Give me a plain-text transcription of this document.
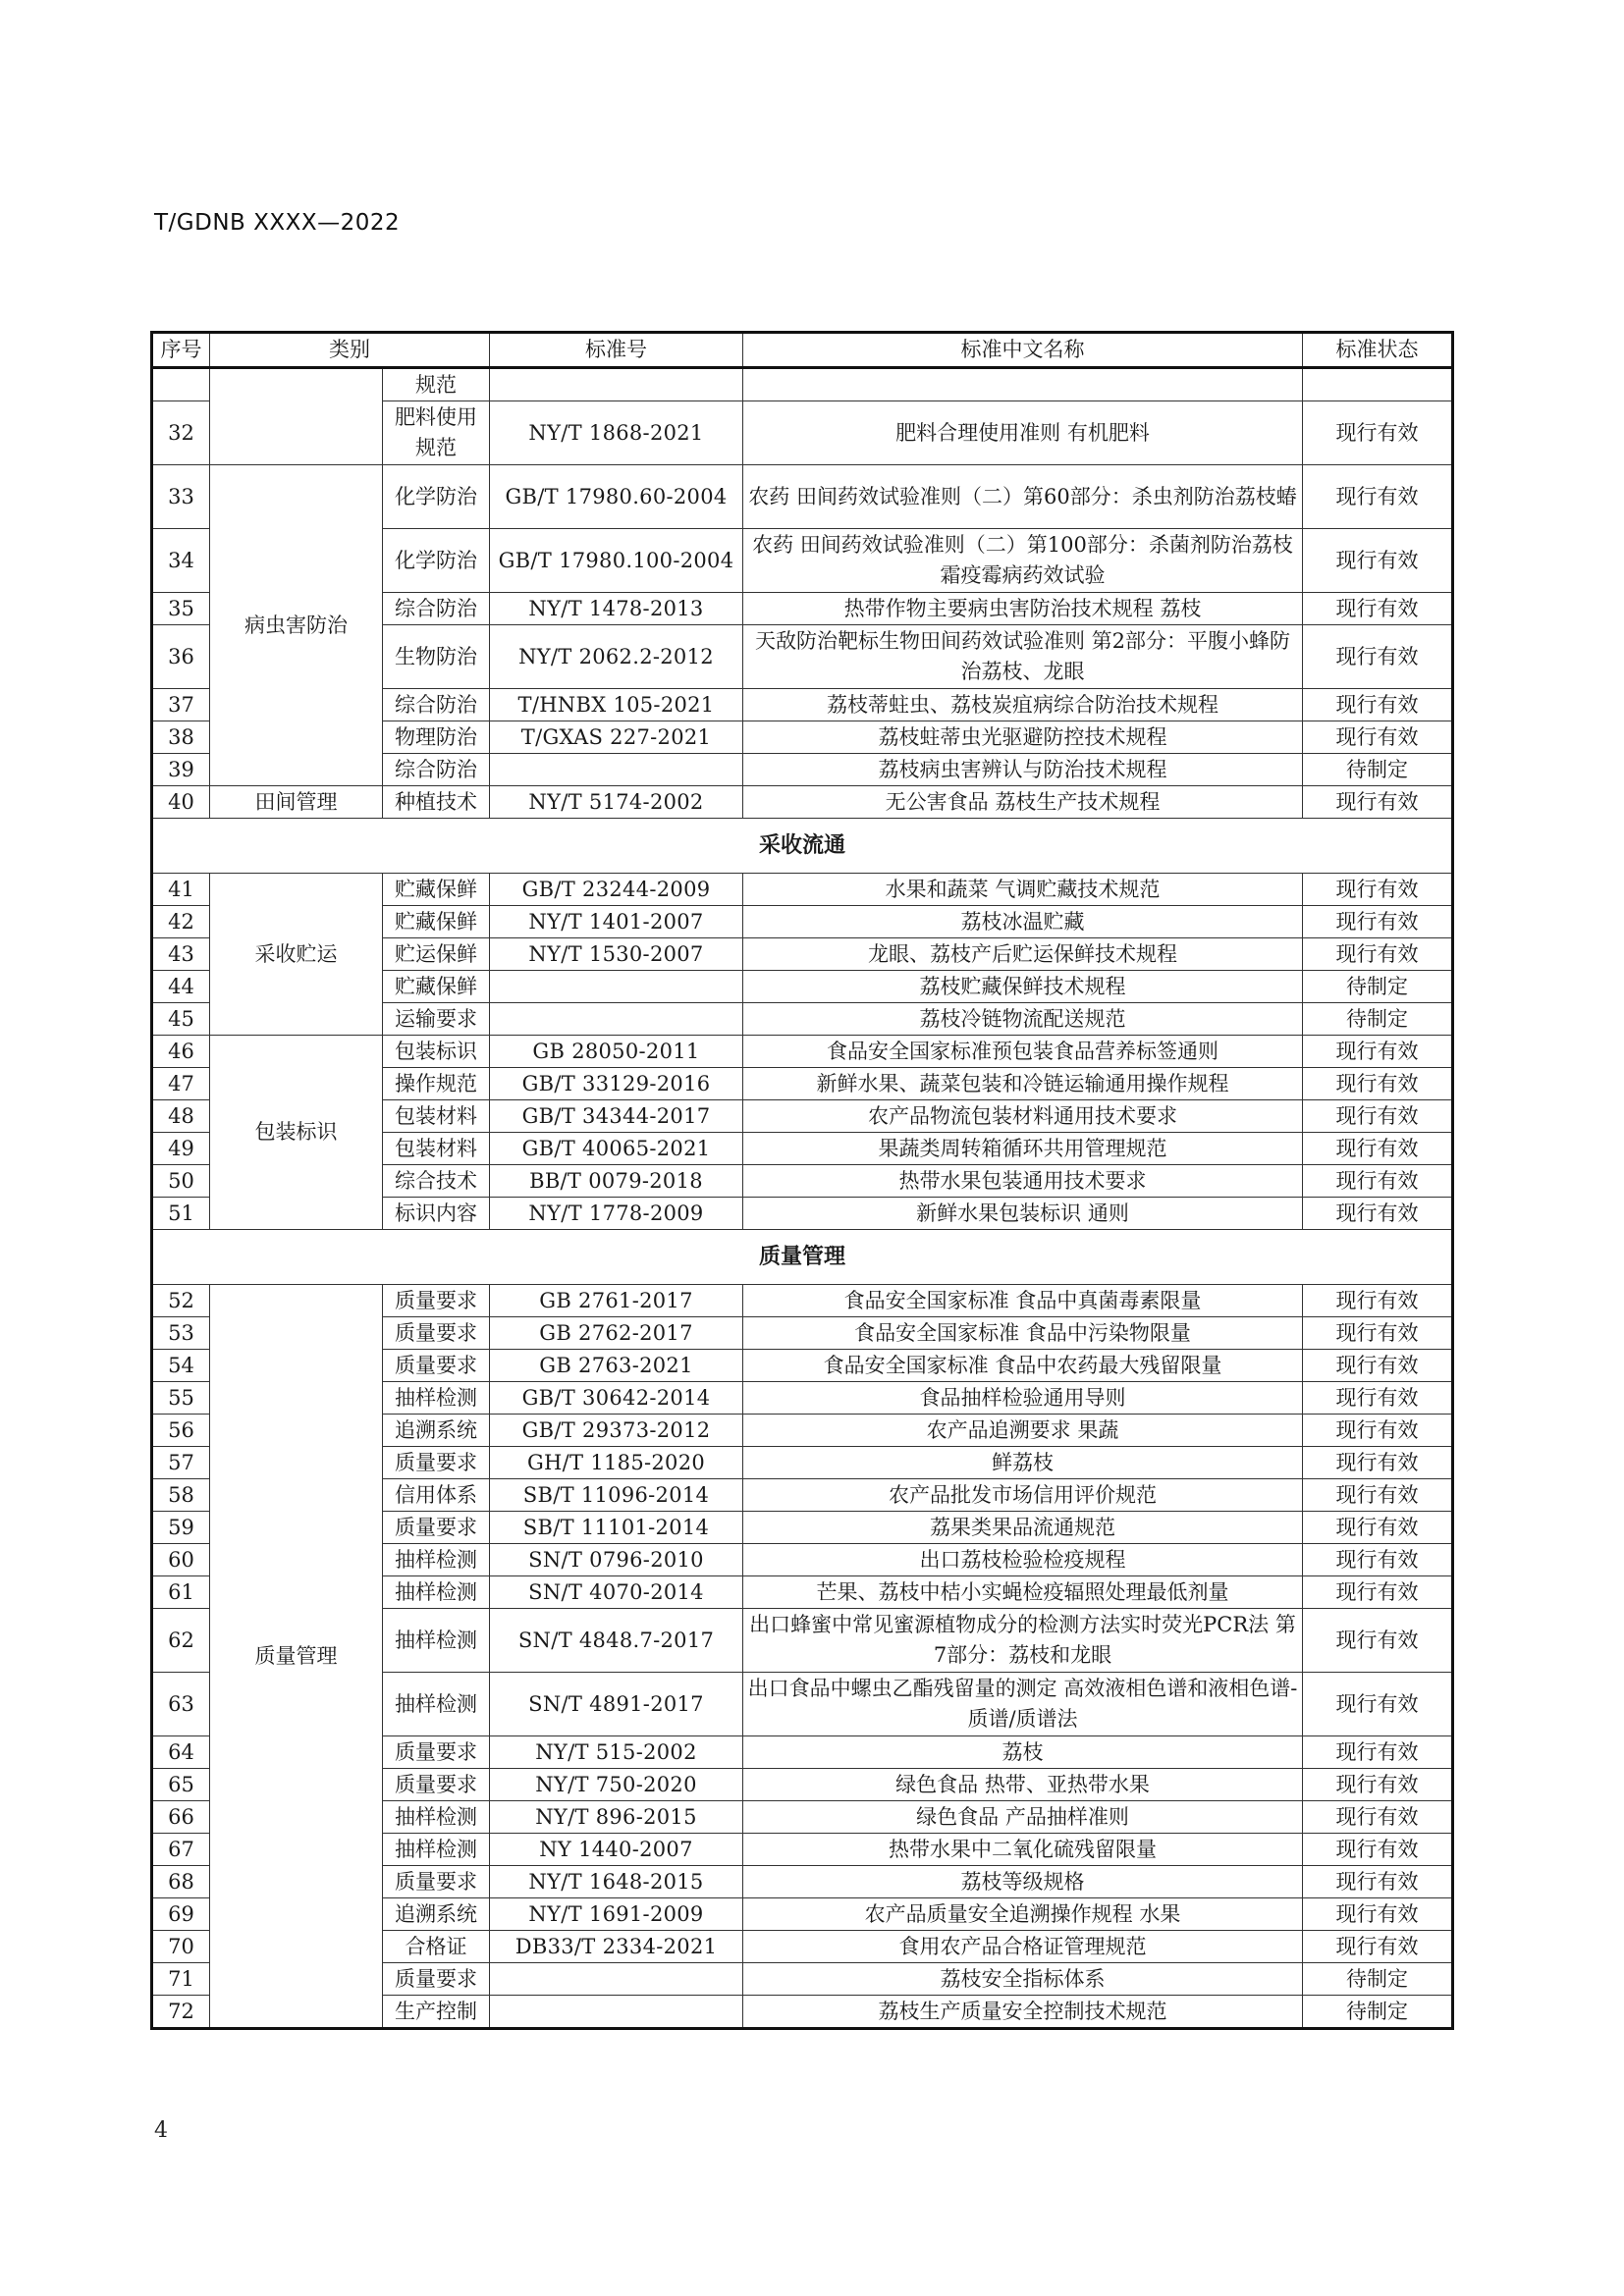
T/GDNB XXXX—2022
序号	类别		标准号	标准中文名称	标准状态
		规范			
32		肥料使用规范	NY/T 1868-2021	肥料合理使用准则 有机肥料	现行有效
33	病虫害防治	化学防治	GB/T 17980.60-2004	农药 田间药效试验准则（二）第60部分：杀虫剂防治荔枝蝽	现行有效
34		化学防治	GB/T 17980.100-2004	农药 田间药效试验准则（二）第100部分：杀菌剂防治荔枝霜疫霉病药效试验	现行有效
35		综合防治	NY/T 1478-2013	热带作物主要病虫害防治技术规程 荔枝	现行有效
36		生物防治	NY/T 2062.2-2012	天敌防治靶标生物田间药效试验准则 第2部分：平腹小蜂防治荔枝、龙眼	现行有效
37		综合防治	T/HNBX 105-2021	荔枝蒂蛀虫、荔枝炭疽病综合防治技术规程	现行有效
38		物理防治	T/GXAS 227-2021	荔枝蛀蒂虫光驱避防控技术规程	现行有效
39		综合防治		荔枝病虫害辨认与防治技术规程	待制定
40	田间管理	种植技术	NY/T 5174-2002	无公害食品 荔枝生产技术规程	现行有效
采收流通					
41	采收贮运	贮藏保鲜	GB/T 23244-2009	水果和蔬菜 气调贮藏技术规范	现行有效
42		贮藏保鲜	NY/T 1401-2007	荔枝冰温贮藏	现行有效
43		贮运保鲜	NY/T 1530-2007	龙眼、荔枝产后贮运保鲜技术规程	现行有效
44		贮藏保鲜		荔枝贮藏保鲜技术规程	待制定
45		运输要求		荔枝冷链物流配送规范	待制定
46	包装标识	包装标识	GB 28050-2011	食品安全国家标准预包装食品营养标签通则	现行有效
47		操作规范	GB/T 33129-2016	新鲜水果、蔬菜包装和冷链运输通用操作规程	现行有效
48		包装材料	GB/T 34344-2017	农产品物流包装材料通用技术要求	现行有效
49		包装材料	GB/T 40065-2021	果蔬类周转箱循环共用管理规范	现行有效
50		综合技术	BB/T 0079-2018	热带水果包装通用技术要求	现行有效
51		标识内容	NY/T 1778-2009	新鲜水果包装标识 通则	现行有效
质量管理					
52	质量管理	质量要求	GB 2761-2017	食品安全国家标准 食品中真菌毒素限量	现行有效
53		质量要求	GB 2762-2017	食品安全国家标准 食品中污染物限量	现行有效
54		质量要求	GB 2763-2021	食品安全国家标准 食品中农药最大残留限量	现行有效
55		抽样检测	GB/T 30642-2014	食品抽样检验通用导则	现行有效
56		追溯系统	GB/T 29373-2012	农产品追溯要求 果蔬	现行有效
57		质量要求	GH/T 1185-2020	鲜荔枝	现行有效
58		信用体系	SB/T 11096-2014	农产品批发市场信用评价规范	现行有效
59		质量要求	SB/T 11101-2014	荔果类果品流通规范	现行有效
60		抽样检测	SN/T 0796-2010	出口荔枝检验检疫规程	现行有效
61		抽样检测	SN/T 4070-2014	芒果、荔枝中桔小实蝇检疫辐照处理最低剂量	现行有效
62		抽样检测	SN/T 4848.7-2017	出口蜂蜜中常见蜜源植物成分的检测方法实时荧光PCR法 第7部分：荔枝和龙眼	现行有效
63		抽样检测	SN/T 4891-2017	出口食品中螺虫乙酯残留量的测定 高效液相色谱和液相色谱-质谱/质谱法	现行有效
64		质量要求	NY/T 515-2002	荔枝	现行有效
65		质量要求	NY/T 750-2020	绿色食品 热带、亚热带水果	现行有效
66		抽样检测	NY/T 896-2015	绿色食品 产品抽样准则	现行有效
67		抽样检测	NY 1440-2007	热带水果中二氧化硫残留限量	现行有效
68		质量要求	NY/T 1648-2015	荔枝等级规格	现行有效
69		追溯系统	NY/T 1691-2009	农产品质量安全追溯操作规程 水果	现行有效
70		合格证	DB33/T 2334-2021	食用农产品合格证管理规范	现行有效
71		质量要求		荔枝安全指标体系	待制定
72		生产控制		荔枝生产质量安全控制技术规范	待制定
4
